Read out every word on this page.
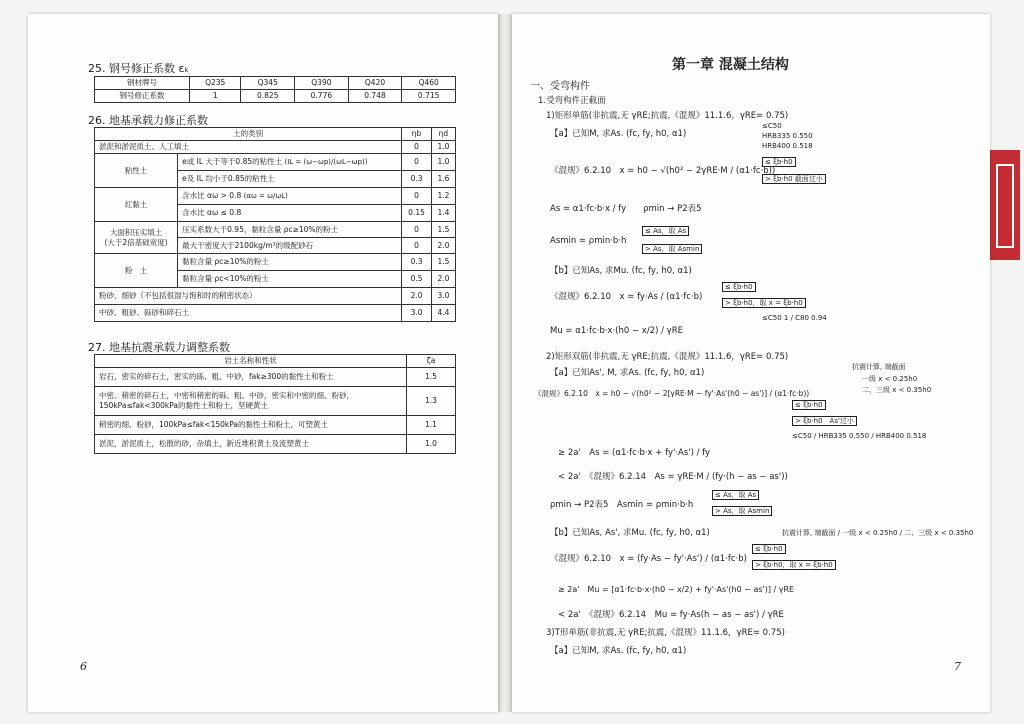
25. 钢号修正系数 εₖ
钢材牌号	Q235	Q345	Q390	Q420	Q460
钢号修正系数	1	0.825	0.776	0.748	0.715
26. 地基承载力修正系数
土的类别		ηb	ηd
淤泥和淤泥质土、人工填土		0	1.0
粘性土	e或 IL 大于等于0.85的粘性土 (IL = (ω−ωp)/(ωL−ωp))	0	1.0
	e及 IL 均小于0.85的粘性土	0.3	1.6
红黏土	含水比 αω > 0.8 (αω = ω/ωL)	0	1.2
	含水比 αω ≤ 0.8	0.15	1.4
大面积压实填土
(大于2倍基础宽度)	压实系数大于0.95、黏粒含量 ρc≥10%的粉土	0	1.5
	最大干密度大于2100kg/m³的级配砂石	0	2.0
粉　土	黏粒含量 ρc≥10%的粉土	0.3	1.5
	黏粒含量 ρc<10%的粉土	0.5	2.0
粉砂、细砂（不包括很湿与饱和时的稍密状态）		2.0	3.0
中砂、粗砂、砾砂和碎石土		3.0	4.4
27. 地基抗震承载力调整系数
岩土名称和性状	ζa
岩石，密实的碎石土，密实的砾、粗、中砂，fak≥300的黏性土和粉土	1.5
中密、稍密的碎石土，中密和稍密的砾、粗、中砂，密实和中密的细、粉砂，
150kPa≤fak<300kPa的黏性土和粉土，坚硬黄土	1.3
稍密的细、粉砂，100kPa≤fak<150kPa的黏性土和粉土，可塑黄土	1.1
淤泥，淤泥质土，松散的砂，杂填土，新近堆积黄土及流塑黄土	1.0
6
第一章 混凝土结构
一、受弯构件
1.受弯构件正截面
1)矩形单筋(非抗震,无 γRE;抗震,《混规》11.1.6，γRE= 0.75)
【a】已知M, 求As. (fc, fy, h0, α1)
≤C50
HRB335 0.550
HRB400 0.518
《混规》6.2.10　x = h0 − √(h0² − 2γRE·M / (α1·fc·b))
≤ ξb·h0
> ξb·h0 截面过小
As = α1·fc·b·x / fy　　ρmin → P2表5
Asmin = ρmin·b·h
≤ As，取 As
> As，取 Asmin
【b】已知As, 求Mu. (fc, fy, h0, α1)
《混规》6.2.10　x = fy·As / (α1·fc·b)
≤ ξb·h0
> ξb·h0，取 x = ξb·h0
≤C50 1 / C80 0.94
Mu = α1·fc·b·x·(h0 − x/2) / γRE
2)矩形双筋(非抗震,无 γRE;抗震,《混规》11.1.6，γRE= 0.75)
【a】已知As', M, 求As. (fc, fy, h0, α1)
抗震计算, 端截面
《混规》6.2.10　x = h0 − √(h0² − 2[γRE·M − fy'·As'(h0 − as')] / (α1·fc·b))
≤ ξb·h0
> ξb·h0　As'过小
一级 x < 0.25h0
二、三级 x < 0.35h0
≤C50 / HRB335 0.550 / HRB400 0.518
≥ 2a'　As = (α1·fc·b·x + fy'·As') / fy
< 2a'　《混规》6.2.14　As = γRE·M / (fy·(h − as − as'))
ρmin → P2表5　Asmin = ρmin·b·h
≤ As，取 As
> As，取 Asmin
【b】已知As, As', 求Mu. (fc, fy, h0, α1)
《混规》6.2.10　x = (fy·As − fy'·As') / (α1·fc·b)
≤ ξb·h0
> ξb·h0，取 x = ξb·h0
抗震计算, 端截面 / 一级 x < 0.25h0 / 二、三级 x < 0.35h0
≥ 2a'　Mu = [α1·fc·b·x·(h0 − x/2) + fy'·As'(h0 − as')] / γRE
< 2a'　《混规》6.2.14　Mu = fy·As(h − as − as') / γRE
3)T形单筋(非抗震,无 γRE;抗震,《混规》11.1.6，γRE= 0.75)
【a】已知M, 求As. (fc, fy, h0, α1)
7
